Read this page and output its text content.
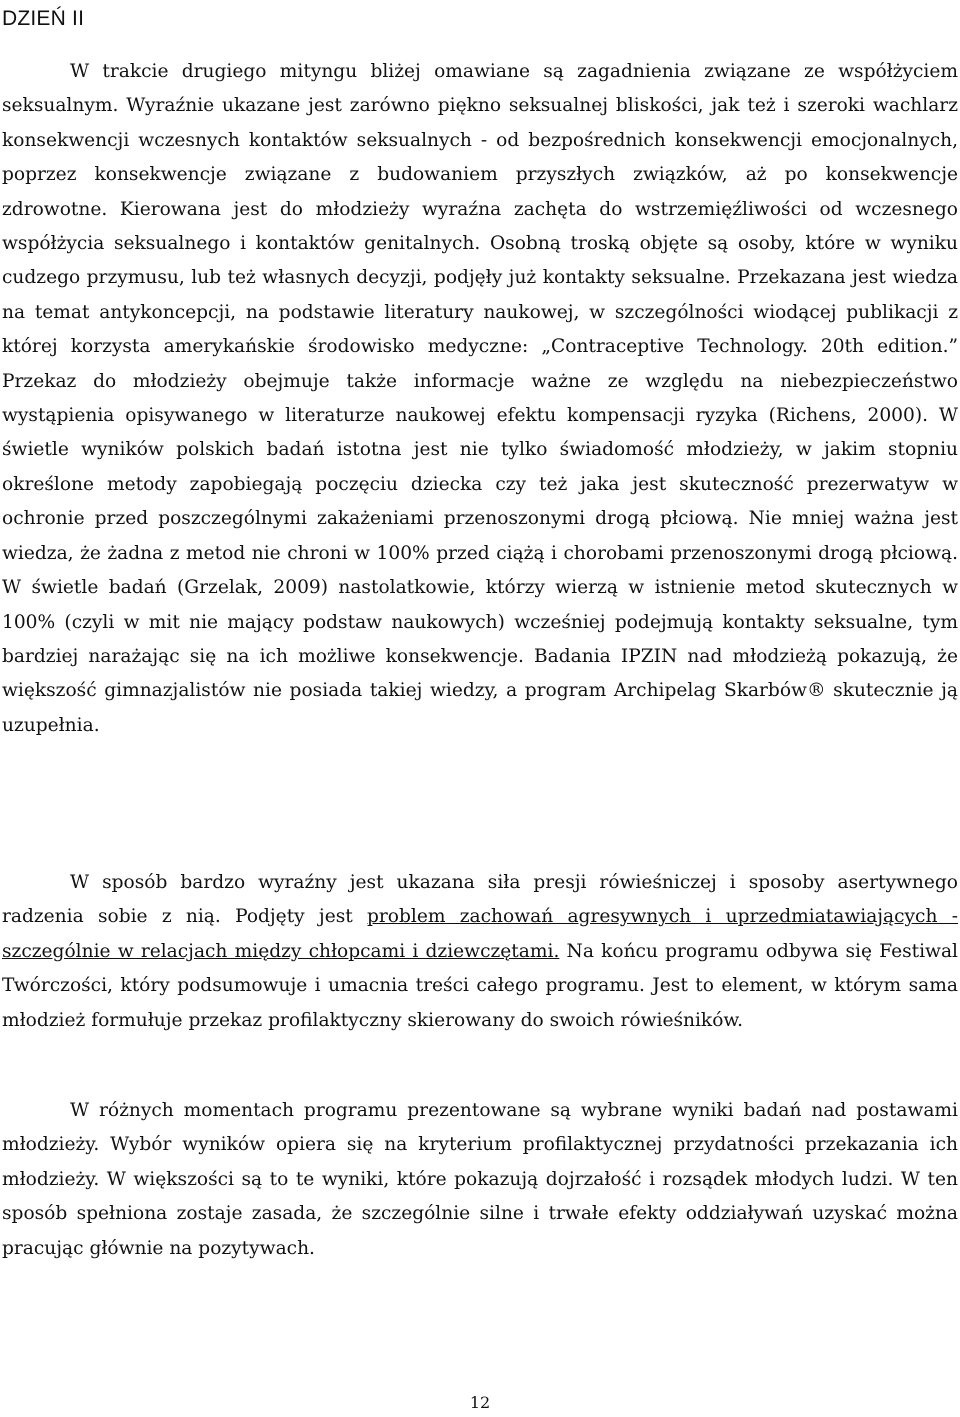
DZIEŃ II

W trakcie drugiego mityngu bliżej omawiane są zagadnienia związane ze współżyciem seksualnym. Wyraźnie ukazane jest zarówno piękno seksualnej bliskości, jak też i szeroki wachlarz konsekwencji wczesnych kontaktów seksualnych - od bezpośrednich konsekwencji emocjonalnych, poprzez konsekwencje związane z budowaniem przyszłych związków, aż po konsekwencje zdrowotne. Kierowana jest do młodzieży wyraźna zachęta do wstrzemięźliwości od wczesnego współżycia seksualnego i kontaktów genitalnych. Osobną troską objęte są osoby, które w wyniku cudzego przymusu, lub też własnych decyzji, podjęły już kontakty seksualne. Przekazana jest wiedza na temat antykoncepcji, na podstawie literatury naukowej, w szczególności wiodącej publikacji z której korzysta amerykańskie środowisko medyczne: „Contraceptive Technology. 20th edition.” Przekaz do młodzieży obejmuje także informacje ważne ze względu na niebezpieczeństwo wystąpienia opisywanego w literaturze naukowej efektu kompensacji ryzyka (Richens, 2000). W świetle wyników polskich badań istotna jest nie tylko świadomość młodzieży, w jakim stopniu określone metody zapobiegają poczęciu dziecka czy też jaka jest skuteczność prezerwatyw w ochronie przed poszczególnymi zakażeniami przenoszonymi drogą płciową. Nie mniej ważna jest wiedza, że żadna z metod nie chroni w 100% przed ciążą i chorobami przenoszonymi drogą płciową. W świetle badań (Grzelak, 2009) nastolatkowie, którzy wierzą w istnienie metod skutecznych w 100% (czyli w mit nie mający podstaw naukowych) wcześniej podejmują kontakty seksualne, tym bardziej narażając się na ich możliwe konsekwencje. Badania IPZIN nad młodzieżą pokazują, że większość gimnazjalistów nie posiada takiej wiedzy, a program Archipelag Skarbów® skutecznie ją uzupełnia.

W sposób bardzo wyraźny jest ukazana siła presji rówieśniczej i sposoby asertywnego radzenia sobie z nią. Podjęty jest problem zachowań agresywnych i uprzedmiatawiających - szczególnie w relacjach między chłopcami i dziewczętami. Na końcu programu odbywa się Festiwal Twórczości, który podsumowuje i umacnia treści całego programu. Jest to element, w którym sama młodzież formułuje przekaz profilaktyczny skierowany do swoich rówieśników.

W różnych momentach programu prezentowane są wybrane wyniki badań nad postawami młodzieży. Wybór wyników opiera się na kryterium profilaktycznej przydatności przekazania ich młodzieży. W większości są to te wyniki, które pokazują dojrzałość i rozsądek młodych ludzi. W ten sposób spełniona zostaje zasada, że szczególnie silne i trwałe efekty oddziaływań uzyskać można pracując głównie na pozytywach.

12
